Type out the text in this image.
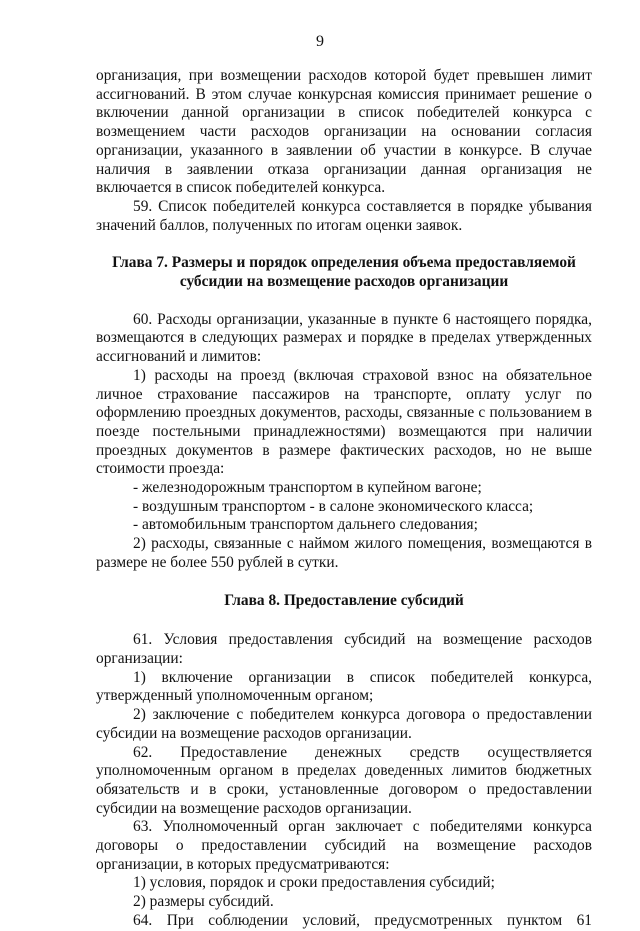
9

организация, при возмещении расходов которой будет превышен лимит ассигнований. В этом случае конкурсная комиссия принимает решение о включении данной организации в список победителей конкурса с возмещением части расходов организации на основании согласия организации, указанного в заявлении об участии в конкурсе. В случае наличия в заявлении отказа организации данная организация не включается в список победителей конкурса.

59. Список победителей конкурса составляется в порядке убывания значений баллов, полученных по итогам оценки заявок.

Глава 7. Размеры и порядок определения объема предоставляемой субсидии на возмещение расходов организации

60. Расходы организации, указанные в пункте 6 настоящего порядка, возмещаются в следующих размерах и порядке в пределах утвержденных ассигнований и лимитов:

1) расходы на проезд (включая страховой взнос на обязательное личное страхование пассажиров на транспорте, оплату услуг по оформлению проездных документов, расходы, связанные с пользованием в поезде постельными принадлежностями) возмещаются при наличии проездных документов в размере фактических расходов, но не выше стоимости проезда:

- железнодорожным транспортом в купейном вагоне;

- воздушным транспортом - в салоне экономического класса;

- автомобильным транспортом дальнего следования;

2) расходы, связанные с наймом жилого помещения, возмещаются в размере не более 550 рублей в сутки.

Глава 8. Предоставление субсидий

61. Условия предоставления субсидий на возмещение расходов организации:

1) включение организации в список победителей конкурса, утвержденный уполномоченным органом;

2) заключение с победителем конкурса договора о предоставлении субсидии на возмещение расходов организации.

62. Предоставление денежных средств осуществляется уполномоченным органом в пределах доведенных лимитов бюджетных обязательств и в сроки, установленные договором о предоставлении субсидии на возмещение расходов организации.

63. Уполномоченный орган заключает с победителями конкурса договоры о предоставлении субсидий на возмещение расходов организации, в которых предусматриваются:

1) условия, порядок и сроки предоставления субсидий;

2) размеры субсидий.

64. При соблюдении условий, предусмотренных пунктом 61
